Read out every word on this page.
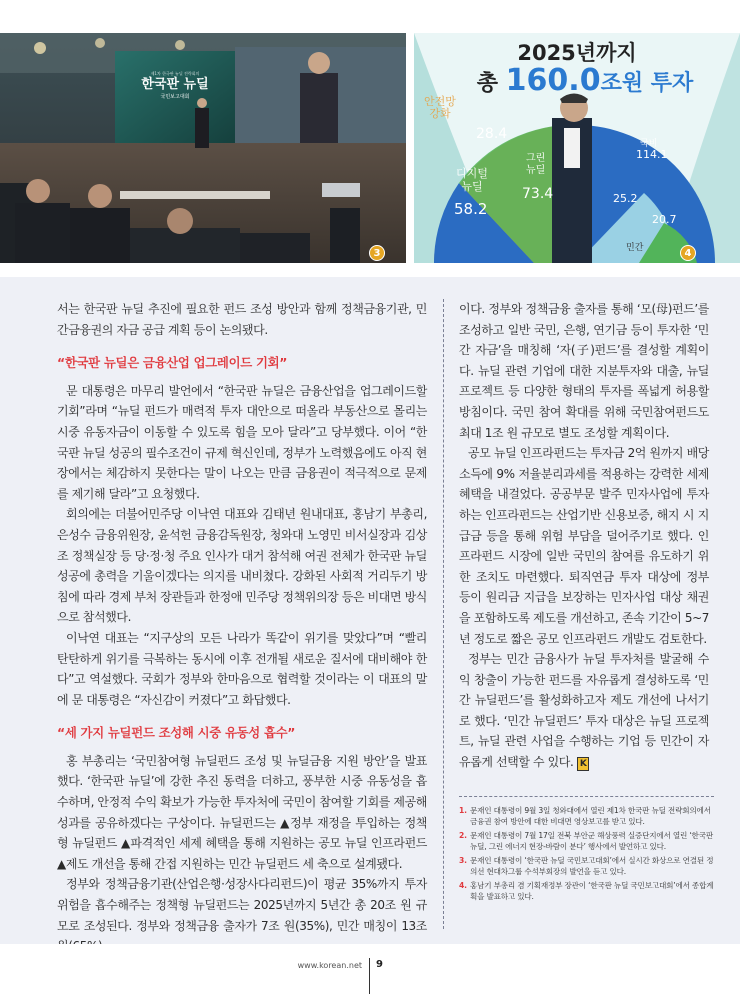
제1차 한국판 뉴딜 전략회의
한국판 뉴딜
국민보고대회
3
2025년까지
총 160.0조원 투자
안전망
강화
28.4
디지털
뉴딜
58.2
그린
뉴딜
73.4
국비
114.1
25.2
20.7
민간	4

서는 한국판 뉴딜 추진에 필요한 펀드 조성 방안과 함께 정책금융기관, 민간금융권의 자금 공급 계획 등이 논의됐다.

“한국판 뉴딜은 금융산업 업그레이드 기회”

문 대통령은 마무리 발언에서 “한국판 뉴딜은 금융산업을 업그레이드할 기회”라며 “뉴딜 펀드가 매력적 투자 대안으로 떠올라 부동산으로 몰리는 시중 유동자금이 이동할 수 있도록 힘을 모아 달라”고 당부했다. 이어 “한국판 뉴딜 성공의 필수조건이 규제 혁신인데, 정부가 노력했음에도 아직 현장에서는 체감하지 못한다는 말이 나오는 만큼 금융권이 적극적으로 문제를 제기해 달라”고 요청했다.

회의에는 더불어민주당 이낙연 대표와 김태년 원내대표, 홍남기 부총리, 은성수 금융위원장, 윤석헌 금융감독원장, 청와대 노영민 비서실장과 김상조 정책실장 등 당·정·청 주요 인사가 대거 참석해 여권 전체가 한국판 뉴딜 성공에 총력을 기울이겠다는 의지를 내비쳤다. 강화된 사회적 거리두기 방침에 따라 경제 부처 장관들과 한정애 민주당 정책위의장 등은 비대면 방식으로 참석했다.

이낙연 대표는 “지구상의 모든 나라가 똑같이 위기를 맞았다”며 “빨리 탄탄하게 위기를 극복하는 동시에 이후 전개될 새로운 질서에 대비해야 한다”고 역설했다. 국회가 정부와 한마음으로 협력할 것이라는 이 대표의 말에 문 대통령은 “자신감이 커졌다”고 화답했다.

“세 가지 뉴딜펀드 조성해 시중 유동성 흡수”

홍 부총리는 ‘국민참여형 뉴딜펀드 조성 및 뉴딜금융 지원 방안’을 발표했다. ‘한국판 뉴딜’에 강한 추진 동력을 더하고, 풍부한 시중 유동성을 흡수하며, 안정적 수익 확보가 가능한 투자처에 국민이 참여할 기회를 제공해 성과를 공유하겠다는 구상이다. 뉴딜펀드는 ▲정부 재정을 투입하는 정책형 뉴딜펀드 ▲파격적인 세제 혜택을 통해 지원하는 공모 뉴딜 인프라펀드 ▲제도 개선을 통해 간접 지원하는 민간 뉴딜펀드 세 축으로 설계됐다.

정부와 정책금융기관(산업은행·성장사다리펀드)이 평균 35%까지 투자 위험을 흡수해주는 정책형 뉴딜펀드는 2025년까지 5년간 총 20조 원 규모로 조성된다. 정부와 정책금융 출자가 7조 원(35%), 민간 매칭이 13조

이다. 정부와 정책금융 출자를 통해 ‘모(母)펀드’를 조성하고 일반 국민, 은행, 연기금 등이 투자한 ‘민간 자금’을 매칭해 ‘자(子)펀드’를 결성할 계획이다. 뉴딜 관련 기업에 대한 지분투자와 대출, 뉴딜 프로젝트 등 다양한 형태의 투자를 폭넓게 허용할 방침이다. 국민 참여 확대를 위해 국민참여펀드도 최대 1조 원 규모로 별도 조성할 계획이다.

공모 뉴딜 인프라펀드는 투자금 2억 원까지 배당소득에 9% 저율분리과세를 적용하는 강력한 세제 혜택을 내걸었다. 공공부문 발주 민자사업에 투자하는 인프라펀드는 산업기반 신용보증, 해지 시 지급금 등을 통해 위험 부담을 덜어주기로 했다. 인프라펀드 시장에 일반 국민의 참여를 유도하기 위한 조치도 마련했다. 퇴직연금 투자 대상에 정부 등이 원리금 지급을 보장하는 민자사업 대상 채권을 포함하도록 제도를 개선하고, 존속 기간이 5~7년 정도로 짧은 공모 인프라펀드 개발도 검토한다.

정부는 민간 금융사가 뉴딜 투자처를 발굴해 수익 창출이 가능한 펀드를 자유롭게 결성하도록 ‘민간 뉴딜펀드’를 활성화하고자 제도 개선에 나서기로 했다. ‘민간 뉴딜펀드’ 투자 대상은 뉴딜 프로젝트, 뉴딜 관련 사업을 수행하는 기업 등 민간이 자유롭게 선택할 수 있다. K

1. 문재인 대통령이 9월 3일 청와대에서 열린 제1차 한국판 뉴딜 전략회의에서 금융권 참여 방안에 대한 비대면 영상보고를 받고 있다.
2. 문재인 대통령이 7월 17일 전북 부안군 해상풍력 실증단지에서 열린 ‘한국판 뉴딜, 그린 에너지 현장-바람이 분다’ 행사에서 발언하고 있다.
3. 문재인 대통령이 ‘한국판 뉴딜 국민보고대회’에서 실시간 화상으로 연결된 정의선 현대차그룹 수석부회장의 발언을 듣고 있다.
4. 홍남기 부총리 겸 기획재정부 장관이 ‘한국판 뉴딜 국민보고대회’에서 종합계획을 발표하고 있다.
www.korean.net 9
